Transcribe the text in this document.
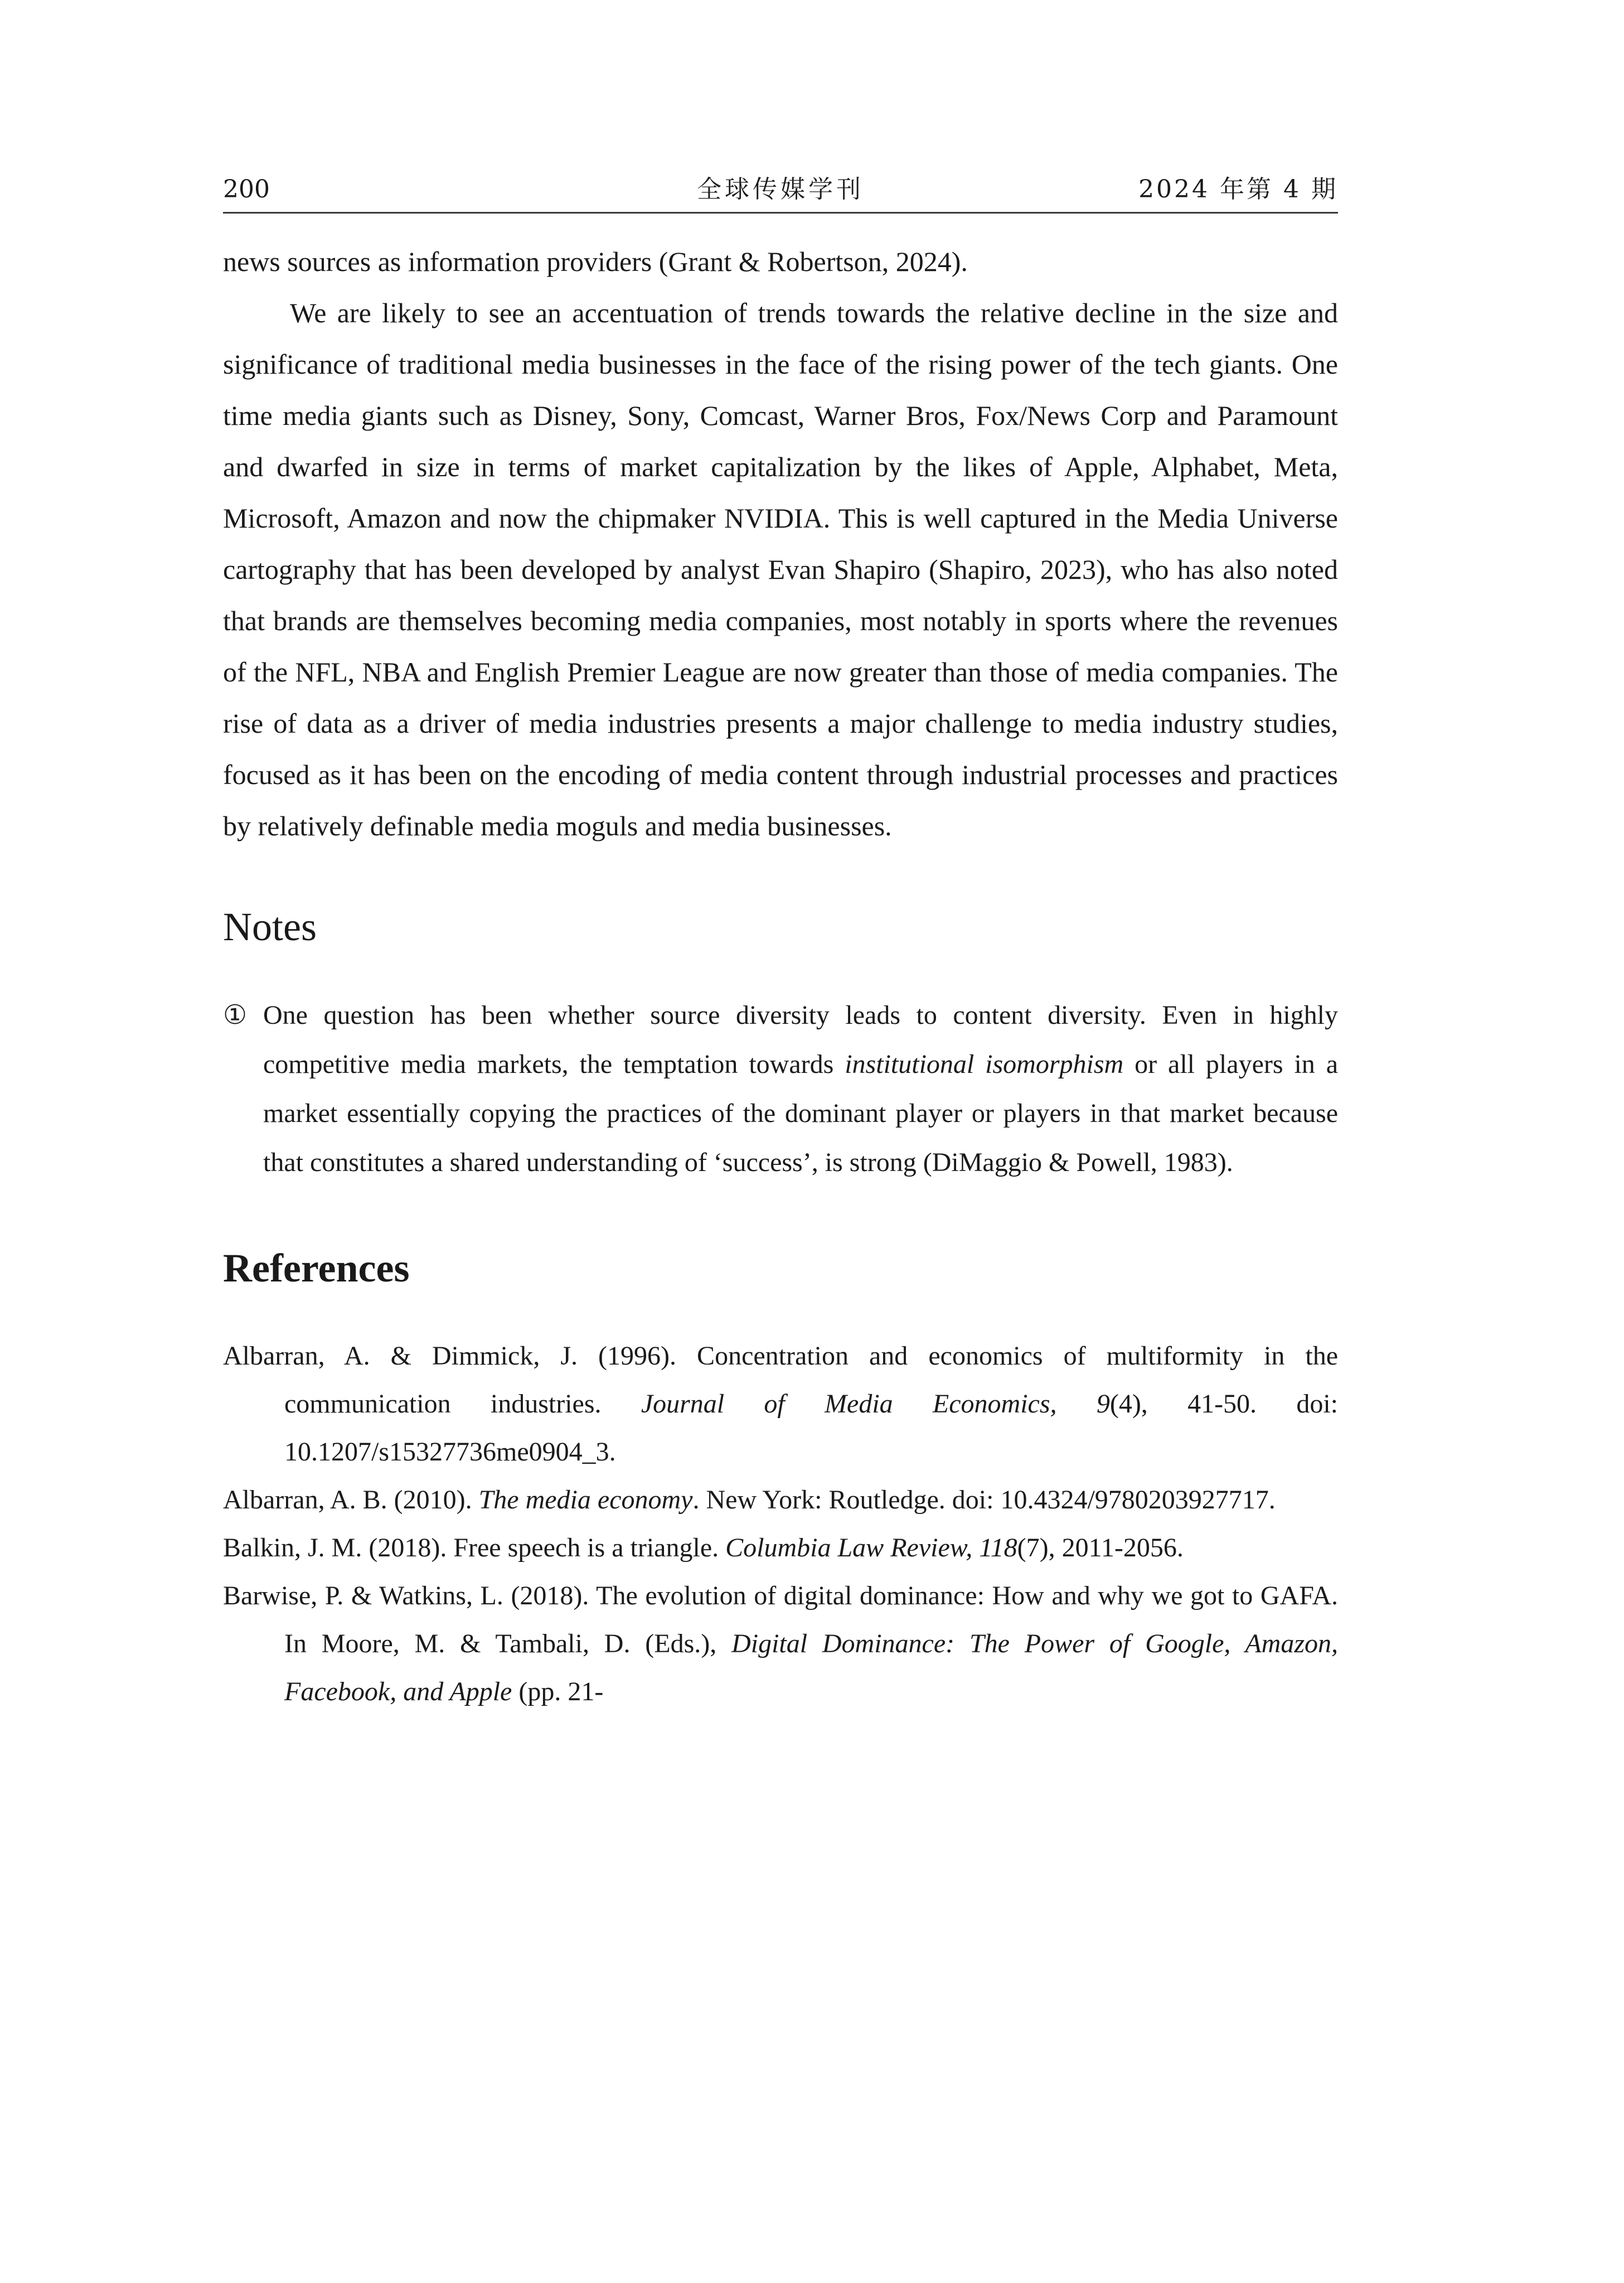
200	全球传媒学刊	2024 年第 4 期

news sources as information providers (Grant & Robertson, 2024).

We are likely to see an accentuation of trends towards the relative decline in the size and significance of traditional media businesses in the face of the rising power of the tech giants. One time media giants such as Disney, Sony, Comcast, Warner Bros, Fox/News Corp and Paramount and dwarfed in size in terms of market capitalization by the likes of Apple, Alphabet, Meta, Microsoft, Amazon and now the chipmaker NVIDIA. This is well captured in the Media Universe cartography that has been developed by analyst Evan Shapiro (Shapiro, 2023), who has also noted that brands are themselves becoming media companies, most notably in sports where the revenues of the NFL, NBA and English Premier League are now greater than those of media companies. The rise of data as a driver of media industries presents a major challenge to media industry studies, focused as it has been on the encoding of media content through industrial processes and practices by relatively definable media moguls and media businesses.

Notes
① One question has been whether source diversity leads to content diversity. Even in highly competitive media markets, the temptation towards institutional isomorphism or all players in a market essentially copying the practices of the dominant player or players in that market because that constitutes a shared understanding of ‘success’, is strong (DiMaggio & Powell, 1983).
References
Albarran, A. & Dimmick, J. (1996). Concentration and economics of multiformity in the communication industries. Journal of Media Economics, 9(4), 41-50. doi: 10.1207/s15327736me0904_3.
Albarran, A. B. (2010). The media economy. New York: Routledge. doi: 10.4324/9780203927717.
Balkin, J. M. (2018). Free speech is a triangle. Columbia Law Review, 118(7), 2011-2056.
Barwise, P. & Watkins, L. (2018). The evolution of digital dominance: How and why we got to GAFA. In Moore, M. & Tambali, D. (Eds.), Digital Dominance: The Power of Google, Amazon, Facebook, and Apple (pp. 21-
